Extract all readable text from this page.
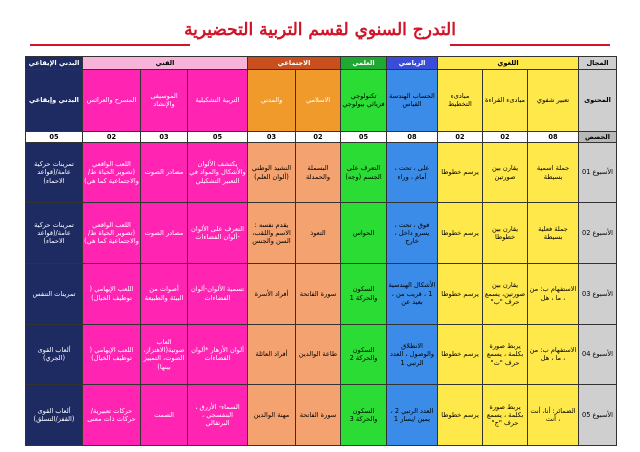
التدرج السنوي لقسم التربية التحضيرية
المجال	اللغوي			الرياضي	العلمي	الاجتماعي		الفني			البدني الإيقاعي
المحتوى	تعبير شفوي	مبادىء القراءة	مبادىء التخطيط	الحساب الهندسة القياس	تكنولوجي فزيائي بيولوجي	الاسلامي	والمدني	التربية التشكيلية	الموسيقى والإنشاد	المسرح والعرائس	البدني وإيقاعي
الحصص	08	02	02	08	05	02	03	05	03	02	05
الأسبوع 01	جملة اسمية بسيطة	يقارن بين صورتين	يرسم خطوطا	على ، تحت ، أمام ، وراء	التعرف على الجسم (وجه)	البسملة والحمدلة	النشيد الوطني (ألوان العلم)	يكتشف الألوان والأشكال والمواد في التعبير التشكيلي	مصادر الصوت	اللعب الواقعي (تصوير الحياة ط/والاجتماعية كما هي)	تمرينات حركية عامة/(قواعد الاحماء)
الأسبوع 02	جملة فعلية بسيطة	يقارن بين خطوطا	يرسم خطوطا	فوق ، تحت ، يسرو داخل ، خارج	الحواس	التعوذ	يقدم نفسه : الاسم واللقب، السن والجنس	التعرف على الألوان -ألوان الفضاءات	مصادر الصوت	اللعب الواقعي (تصوير الحياة ط/والاجتماعية كما هي)	تمرينات حركية عامة/(قواعد الاحماء)
الأسبوع 03	الاستفهام ب: من ، ما ، هل	يقارن بين صورتين، يسمع حرف "ب"	يرسم خطوطا	الأشكال الهندسية 1 ، قريب من ، بعيد عن	السكون والحركة 1	سورة الفاتحة	أفراد الأسرة	تسمية الألوان-ألوان الفضاءات	أصوات من البيئة والطبيعة	اللعب الإيهامي ( توظيف الخيال)	تمرينات التنفس
الأسبوع 04	الاستفهام ب: من ، ما ، هل	يربط صورة بكلمة ، يسمع حرف "ت"	يرسم خطوطا	الانطلاق والوصول ، العدد الرتبي 1	السكون والحركة 2	طاعة الوالدين	أفراد العائلة	ألوان الأزهار *ألوان الفضاءات	العاب صوتية(الاهتزاز، الصوت، التمييز بينها)	اللعب الإيهامي ( توظيف الخيال)	ألعاب القوى (الجري)
الأسبوع 05	الضمائر: أنا، أنت ، أنت	يربط صورة بكلمة ، يسمع حرف "ج"	يرسم خطوطا	العدد الرتبي 2 ، يمين /يسار 1	السكون والحركة 3	سورة الفاتحة	مهنة الوالدين	السماء- الأزرق ، البنفسجي ، البرتقالي	الصمت	حركات تعبيرية/حركات ذات معنى	ألعاب القوى (القفز/التسلق)
